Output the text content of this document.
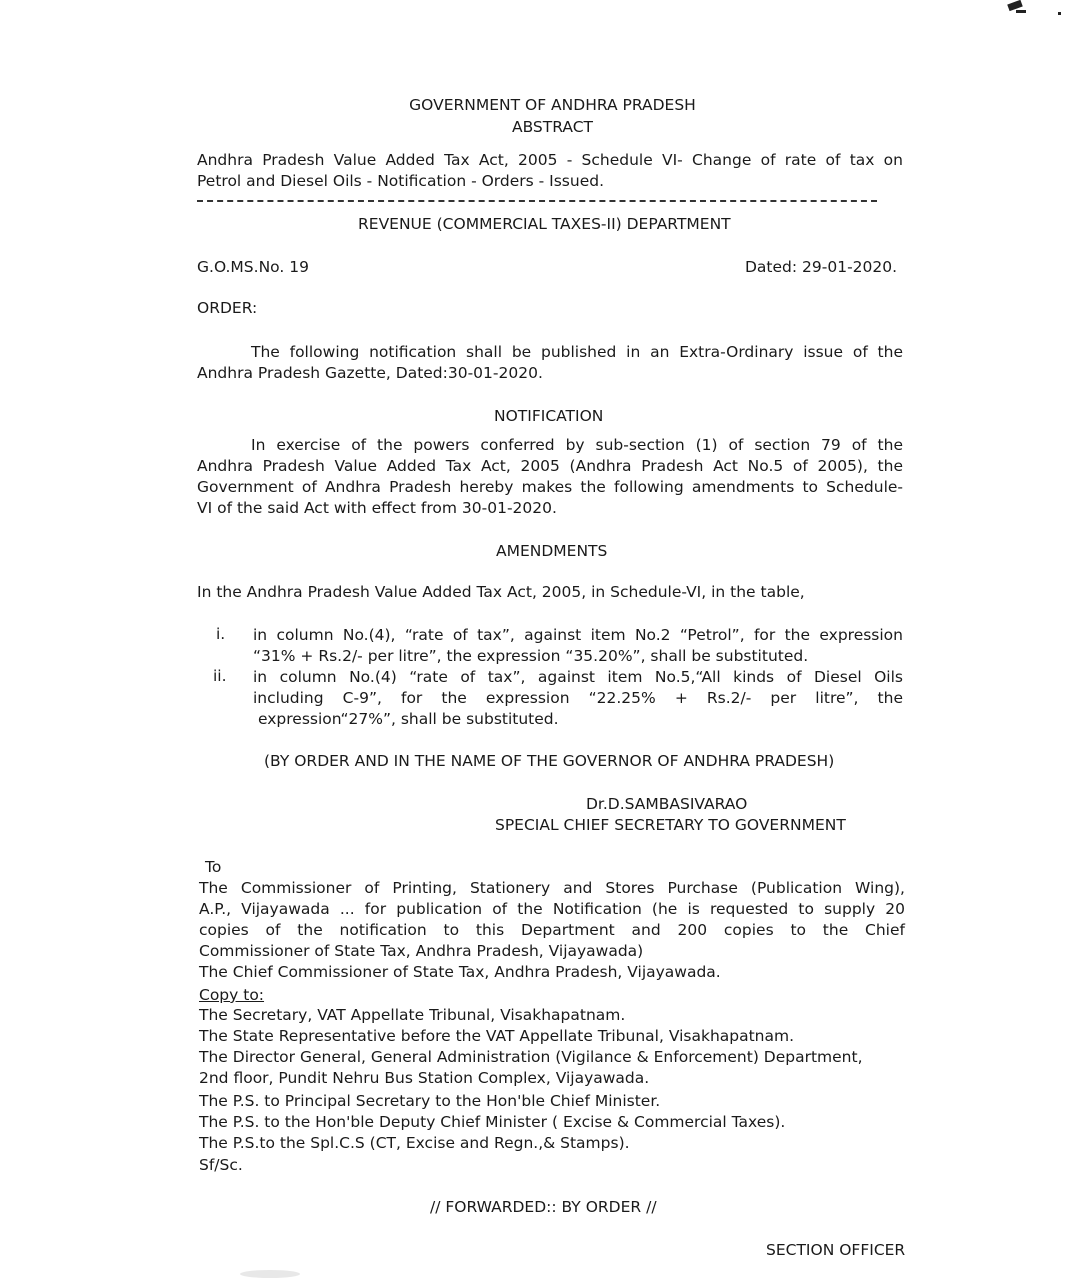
GOVERNMENT OF ANDHRA PRADESH
ABSTRACT
Andhra Pradesh Value Added Tax Act, 2005 - Schedule VI- Change of rate of tax on
Petrol and Diesel Oils - Notification - Orders - Issued.
REVENUE (COMMERCIAL TAXES-II) DEPARTMENT
G.O.MS.No. 19	Dated: 29-01-2020.
ORDER:
The following notification shall be published in an Extra-Ordinary issue of the
Andhra Pradesh Gazette, Dated:30-01-2020.
NOTIFICATION
In exercise of the powers conferred by sub-section (1) of section 79 of the
Andhra Pradesh Value Added Tax Act, 2005 (Andhra Pradesh Act No.5 of 2005), the
Government of Andhra Pradesh hereby makes the following amendments to Schedule-
VI of the said Act with effect from 30-01-2020.
AMENDMENTS
In the Andhra Pradesh Value Added Tax Act, 2005, in Schedule-VI, in the table,
i. in column No.(4), “rate of tax”, against item No.2 “Petrol”, for the expression
“31% + Rs.2/- per litre”, the expression “35.20%”, shall be substituted.
ii. in column No.(4) “rate of tax”, against item No.5,“All kinds of Diesel Oils
including C-9”, for the expression “22.25% + Rs.2/- per litre”, the
expression“27%”, shall be substituted.
(BY ORDER AND IN THE NAME OF THE GOVERNOR OF ANDHRA PRADESH)
Dr.D.SAMBASIVARAO
SPECIAL CHIEF SECRETARY TO GOVERNMENT
To
The Commissioner of Printing, Stationery and Stores Purchase (Publication Wing),
A.P., Vijayawada ... for publication of the Notification (he is requested to supply 20
copies of the notification to this Department and 200 copies to the Chief
Commissioner of State Tax, Andhra Pradesh, Vijayawada)
The Chief Commissioner of State Tax, Andhra Pradesh, Vijayawada.
Copy to:
The Secretary, VAT Appellate Tribunal, Visakhapatnam.
The State Representative before the VAT Appellate Tribunal, Visakhapatnam.
The Director General, General Administration (Vigilance & Enforcement) Department,
2nd floor, Pundit Nehru Bus Station Complex, Vijayawada.
The P.S. to Principal Secretary to the Hon'ble Chief Minister.
The P.S. to the Hon'ble Deputy Chief Minister ( Excise & Commercial Taxes).
The P.S.to the Spl.C.S (CT, Excise and Regn.,& Stamps).
Sf/Sc.
// FORWARDED:: BY ORDER //
SECTION OFFICER
